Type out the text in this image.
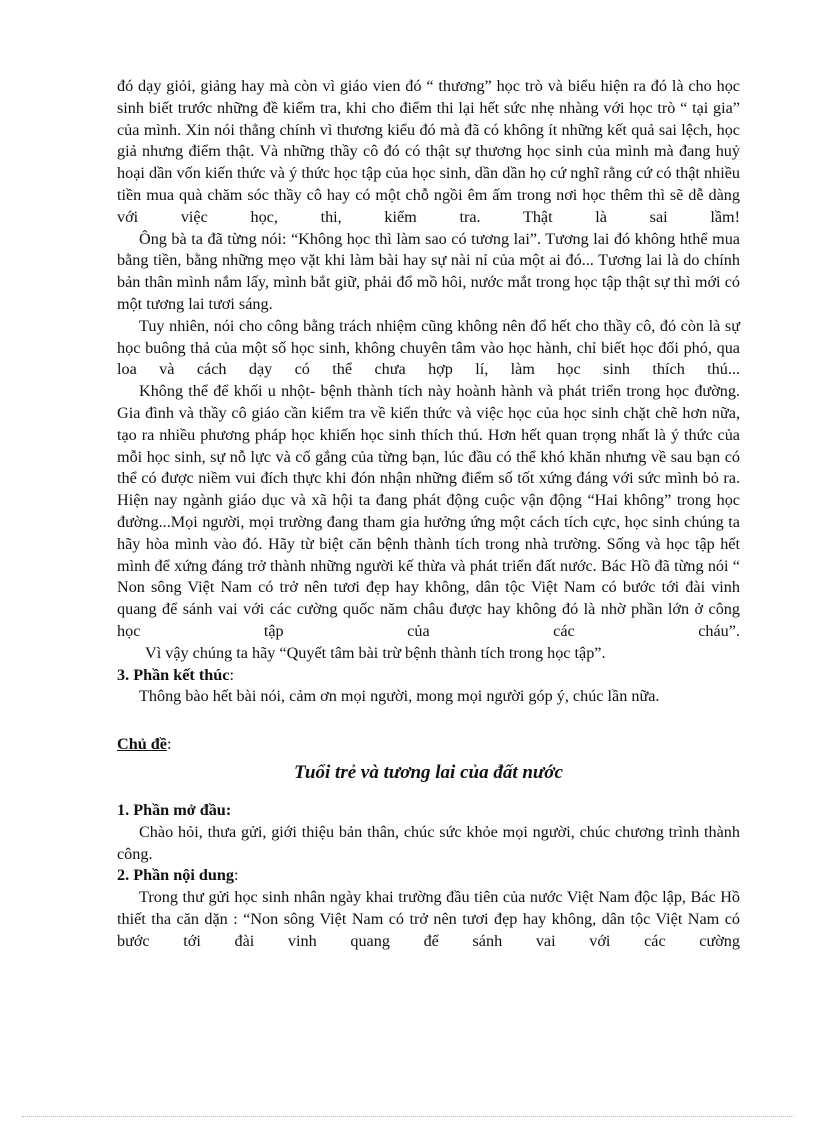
đó dạy giỏi, giảng hay mà còn vì giáo vien đó “ thương” học trò và biểu hiện ra đó là cho học sinh biết trước những đề kiểm tra, khi cho điểm thi lại hết sức nhẹ nhàng với học trò “ tại gia” của mình. Xin nói thẳng chính vì thương kiểu đó mà đã có không ít những kết quả sai lệch, học giả nhưng điểm thật. Và những thầy cô đó có thật sự thương học sinh của mình mà đang huỷ hoại dần vốn kiến thức và ý thức học tập của học sinh, dần dần họ cứ nghĩ rằng cứ có thật nhiều tiền mua quà chăm sóc thầy cô hay có một chỗ ngồi êm ấm trong nơi học thêm thì sẽ dễ dàng với việc học, thi, kiểm tra. Thật là sai lầm!

Ông bà ta đã từng nói: “Không học thì làm sao có tương lai”. Tương lai đó không hthể mua bằng tiền, bằng những mẹo vặt khi làm bài hay sự nài nỉ của một ai đó... Tương lai là do chính bản thân mình nắm lấy, mình bắt giữ, phải đổ mồ hôi, nước mắt trong học tập thật sự thì mới có một tương lai tươi sáng.

Tuy nhiên, nói cho công bằng trách nhiệm cũng không nên đổ hết cho thầy cô, đó còn là sự học buông thả của một số học sinh, không chuyên tâm vào học hành, chỉ biết học đối phó, qua loa và cách dạy có thể chưa hợp lí, làm học sinh thích thú...

Không thể để khối u nhột- bệnh thành tích này hoành hành và phát triển trong học đường. Gia đình và thầy cô giáo cần kiểm tra về kiến thức và việc học của học sinh chặt chẽ hơn nữa, tạo ra nhiều phương pháp học khiến học sinh thích thú. Hơn hết quan trọng nhất là ý thức của mỗi học sinh, sự nỗ lực và cố gắng của từng bạn, lúc đầu có thể khó khăn nhưng về sau bạn có thể có được niềm vui đích thực khi đón nhận những điểm số tốt xứng đáng với sức mình bỏ ra. Hiện nay ngành giáo dục và xã hội ta đang phát động cuộc vận động “Hai không” trong học đường...Mọi người, mọi trường đang tham gia hưởng ứng một cách tích cực, học sinh chúng ta hãy hòa mình vào đó. Hãy từ biệt căn bệnh thành tích trong nhà trường. Sống và học tập hết mình để xứng đáng trở thành những người kế thừa và phát triển đất nước. Bác Hồ đã từng nói “ Non sông Việt Nam có trở nên tươi đẹp hay không, dân tộc Việt Nam có bước tới đài vinh quang để sánh vai với các cường quốc năm châu được hay không đó là nhờ phần lớn ở công học tập của các cháu”.

Vì vậy chúng ta hãy “Quyết tâm bài trừ bệnh thành tích trong học tập”.

3. Phần kết thúc:

Thông bào hết bài nói, cảm ơn mọi người, mong mọi người góp ý, chúc lần nữa.

Chủ đề:

Tuổi trẻ và tương lai của đất nước

1. Phần mở đầu:

Chào hỏi, thưa gửi, giới thiệu bản thân, chúc sức khỏe mọi người, chúc chương trình thành công.

2. Phần nội dung:

Trong thư gửi học sinh nhân ngày khai trường đầu tiên của nước Việt Nam độc lập, Bác Hồ thiết tha căn dặn : “Non sông Việt Nam có trở nên tươi đẹp hay không, dân tộc Việt Nam có bước tới đài vinh quang để sánh vai với các cường
